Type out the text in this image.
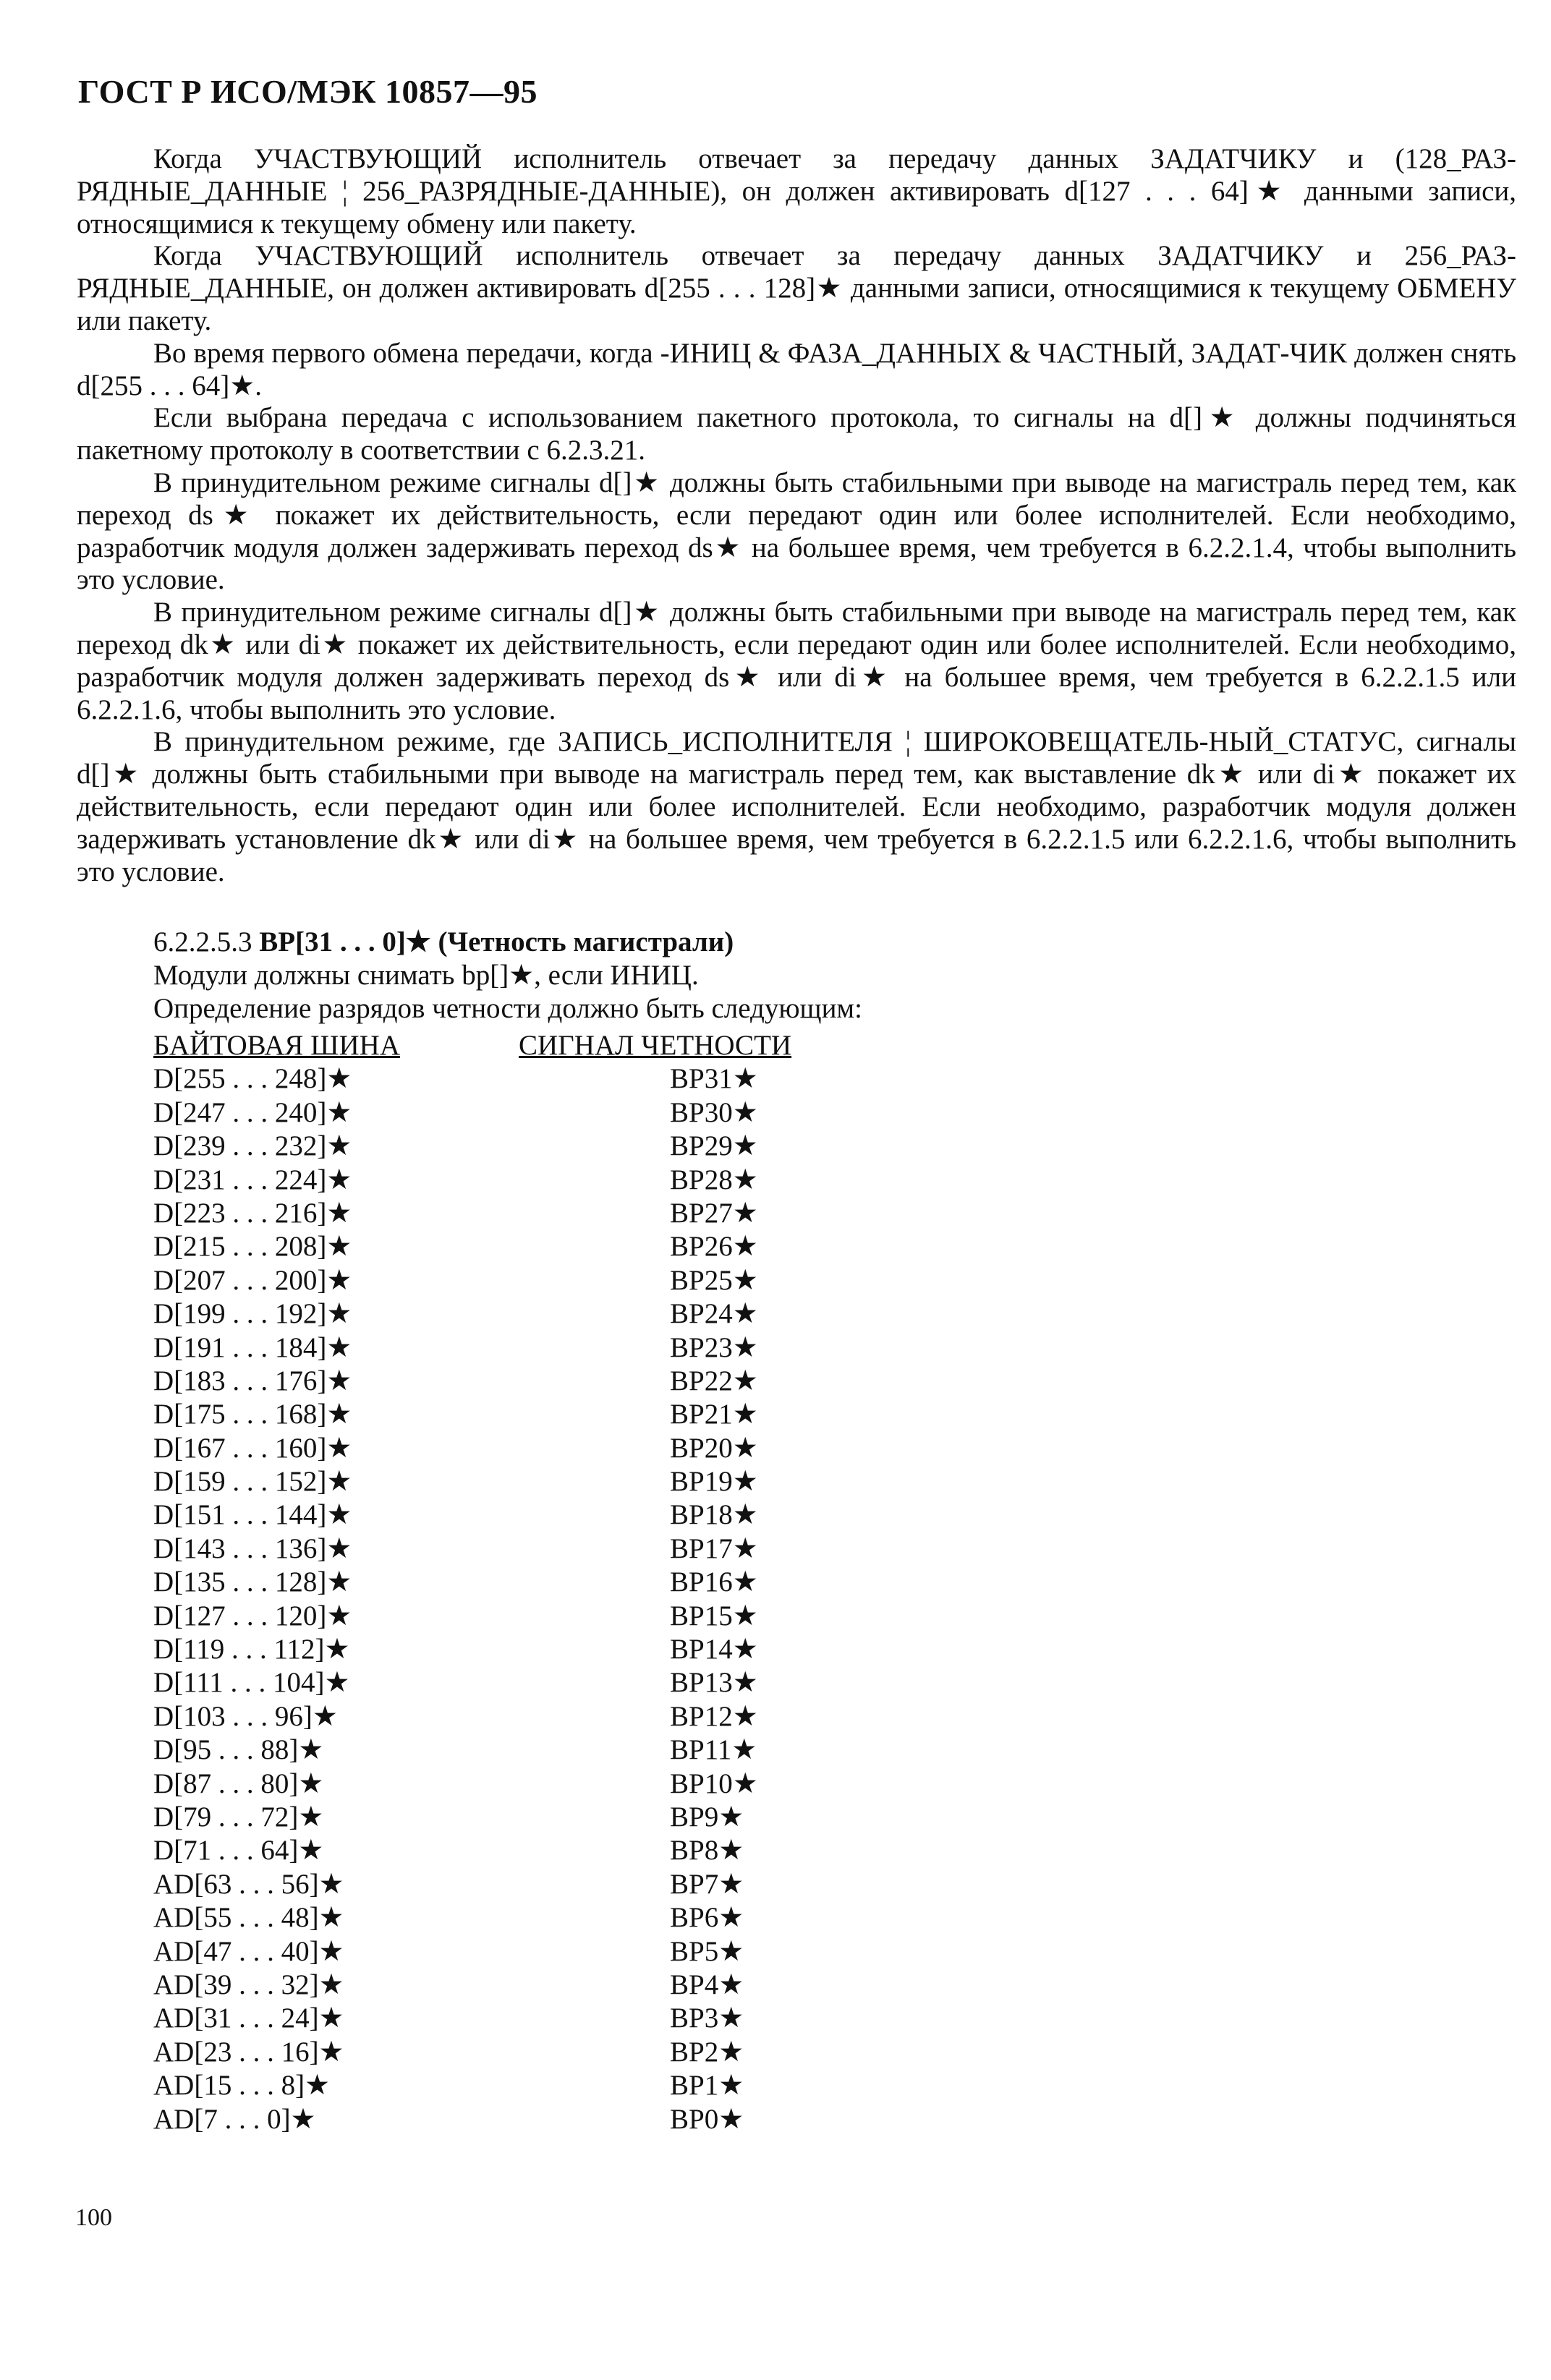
ГОСТ Р ИСО/МЭК 10857—95

Когда УЧАСТВУЮЩИЙ исполнитель отвечает за передачу данных ЗАДАТЧИКУ и (128_РАЗ-РЯДНЫЕ_ДАННЫЕ ¦ 256_РАЗРЯДНЫЕ-ДАННЫЕ), он должен активировать d[127 . . . 64]★ данными записи, относящимися к текущему обмену или пакету.

Когда УЧАСТВУЮЩИЙ исполнитель отвечает за передачу данных ЗАДАТЧИКУ и 256_РАЗ-РЯДНЫЕ_ДАННЫЕ, он должен активировать d[255 . . . 128]★ данными записи, относящимися к текущему ОБМЕНУ или пакету.

Во время первого обмена передачи, когда -ИНИЦ & ФАЗА_ДАННЫХ & ЧАСТНЫЙ, ЗАДАТ-ЧИК должен снять d[255 . . . 64]★.

Если выбрана передача с использованием пакетного протокола, то сигналы на d[]★ должны подчиняться пакетному протоколу в соответствии с 6.2.3.21.

В принудительном режиме сигналы d[]★ должны быть стабильными при выводе на магистраль перед тем, как переход ds★ покажет их действительность, если передают один или более исполнителей. Если необходимо, разработчик модуля должен задерживать переход ds★ на большее время, чем требуется в 6.2.2.1.4, чтобы выполнить это условие.

В принудительном режиме сигналы d[]★ должны быть стабильными при выводе на магистраль перед тем, как переход dk★ или di★ покажет их действительность, если передают один или более исполнителей. Если необходимо, разработчик модуля должен задерживать переход ds★ или di★ на большее время, чем требуется в 6.2.2.1.5 или 6.2.2.1.6, чтобы выполнить это условие.

В принудительном режиме, где ЗАПИСЬ_ИСПОЛНИТЕЛЯ ¦ ШИРОКОВЕЩАТЕЛЬ-НЫЙ_СТАТУС, сигналы d[]★ должны быть стабильными при выводе на магистраль перед тем, как выставление dk★ или di★ покажет их действительность, если передают один или более исполнителей. Если необходимо, разработчик модуля должен задерживать установление dk★ или di★ на большее время, чем требуется в 6.2.2.1.5 или 6.2.2.1.6, чтобы выполнить это условие.

6.2.2.5.3 ВР[31 . . . 0]★ (Четность магистрали)
Модули должны снимать bp[]★, если ИНИЦ.
Определение разрядов четности должно быть следующим:
БАЙТОВАЯ ШИНА	СИГНАЛ ЧЕТНОСТИ
D[255 . . . 248]★	ВР31★
D[247 . . . 240]★	ВР30★
D[239 . . . 232]★	ВР29★
D[231 . . . 224]★	ВР28★
D[223 . . . 216]★	ВР27★
D[215 . . . 208]★	ВР26★
D[207 . . . 200]★	ВР25★
D[199 . . . 192]★	ВР24★
D[191 . . . 184]★	ВР23★
D[183 . . . 176]★	ВР22★
D[175 . . . 168]★	ВР21★
D[167 . . . 160]★	ВР20★
D[159 . . . 152]★	ВР19★
D[151 . . . 144]★	ВР18★
D[143 . . . 136]★	ВР17★
D[135 . . . 128]★	ВР16★
D[127 . . . 120]★	ВР15★
D[119 . . . 112]★	ВР14★
D[111 . . . 104]★	ВР13★
D[103 . . . 96]★	ВР12★
D[95 . . . 88]★	ВР11★
D[87 . . . 80]★	ВР10★
D[79 . . . 72]★	ВР9★
D[71 . . . 64]★	ВР8★
AD[63 . . . 56]★	ВР7★
AD[55 . . . 48]★	ВР6★
AD[47 . . . 40]★	ВР5★
AD[39 . . . 32]★	ВР4★
AD[31 . . . 24]★	ВР3★
AD[23 . . . 16]★	ВР2★
AD[15 . . . 8]★	ВР1★
AD[7 . . . 0]★	ВР0★
100
